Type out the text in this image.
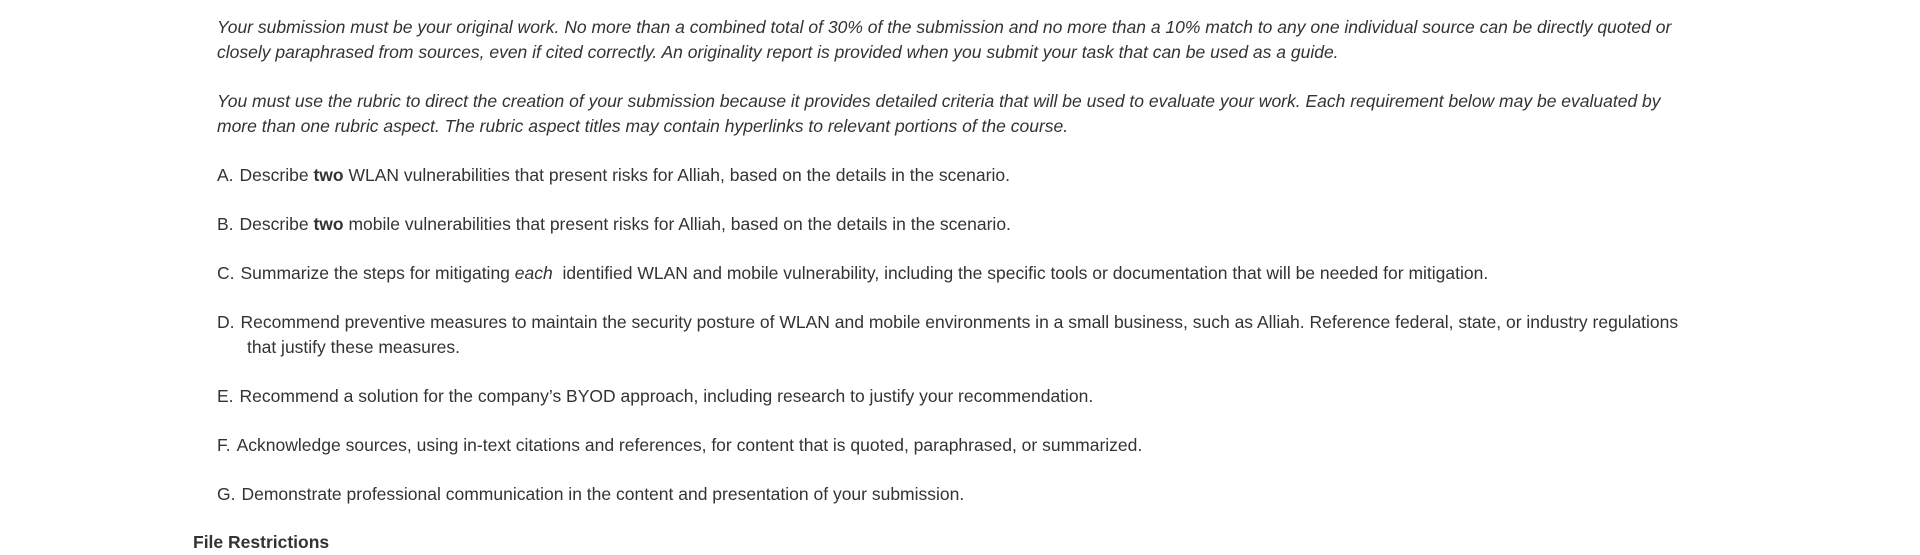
Your submission must be your original work. No more than a combined total of 30% of the submission and no more than a 10% match to any one individual source can be directly quoted or closely paraphrased from sources, even if cited correctly. An originality report is provided when you submit your task that can be used as a guide.

You must use the rubric to direct the creation of your submission because it provides detailed criteria that will be used to evaluate your work. Each requirement below may be evaluated by more than one rubric aspect. The rubric aspect titles may contain hyperlinks to relevant portions of the course.

A. Describe two WLAN vulnerabilities that present risks for Alliah, based on the details in the scenario.
B. Describe two mobile vulnerabilities that present risks for Alliah, based on the details in the scenario.
C. Summarize the steps for mitigating each  identified WLAN and mobile vulnerability, including the specific tools or documentation that will be needed for mitigation.
D. Recommend preventive measures to maintain the security posture of WLAN and mobile environments in a small business, such as Alliah. Reference federal, state, or industry regulations that justify these measures.
E. Recommend a solution for the company’s BYOD approach, including research to justify your recommendation.
F. Acknowledge sources, using in-text citations and references, for content that is quoted, paraphrased, or summarized.
G. Demonstrate professional communication in the content and presentation of your submission.
File Restrictions
